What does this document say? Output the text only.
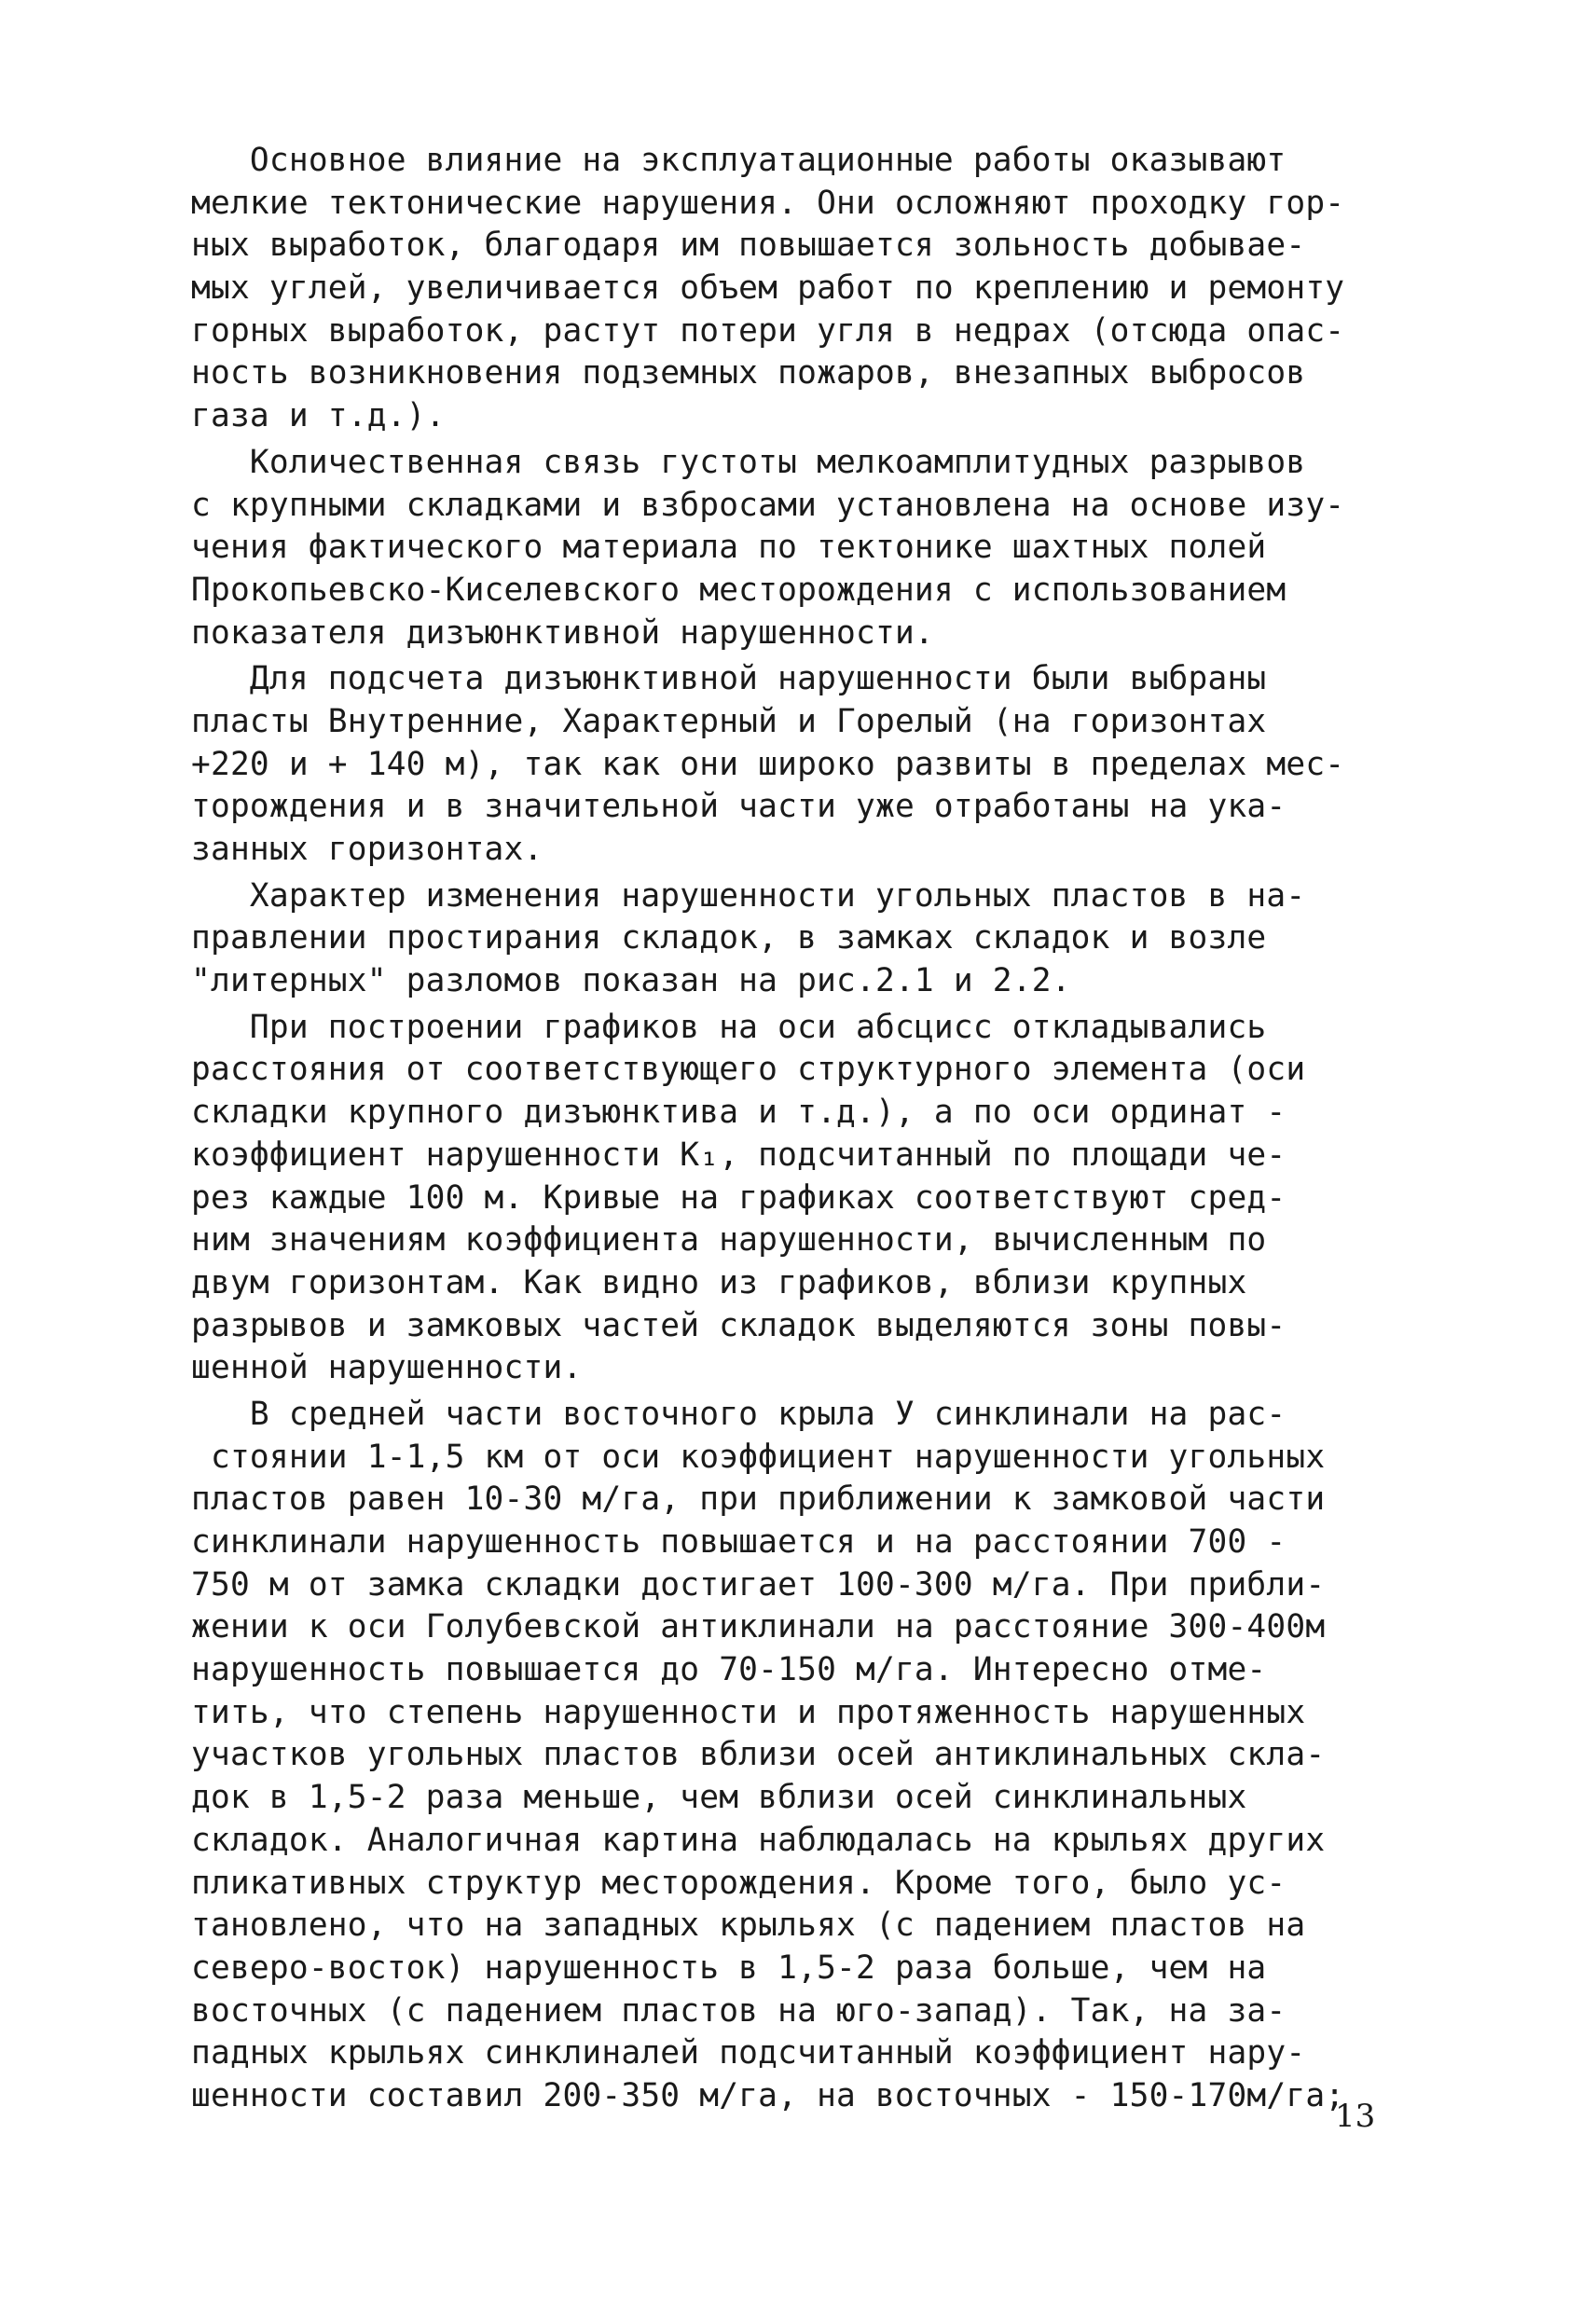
Основное влияние на эксплуатационные работы оказывают
мелкие тектонические нарушения. Они осложняют проходку гор-
ных выработок, благодаря им повышается зольность добывае-
мых углей, увеличивается объем работ по креплению и ремонту
горных выработок, растут потери угля в недрах (отсюда опас-
ность возникновения подземных пожаров, внезапных выбросов
газа и т.д.).
Количественная связь густоты мелкоамплитудных разрывов
с крупными складками и взбросами установлена на основе изу-
чения фактического материала по тектонике шахтных полей
Прокопьевско-Киселевского месторождения с использованием
показателя дизъюнктивной нарушенности.
Для подсчета дизъюнктивной нарушенности были выбраны
пласты Внутренние, Характерный и Горелый (на горизонтах
+220 и + 140 м), так как они широко развиты в пределах мес-
торождения и в значительной части уже отработаны на ука-
занных горизонтах.
Характер изменения нарушенности угольных пластов в на-
правлении простирания складок, в замках складок и возле
"литерных" разломов показан на рис.2.1 и 2.2.
При построении графиков на оси абсцисс откладывались
расстояния от соответствующего структурного элемента (оси
складки крупного дизъюнктива и т.д.), а по оси ординат -
коэффициент нарушенности К₁, подсчитанный по площади че-
рез каждые 100 м. Кривые на графиках соответствуют сред-
ним значениям коэффициента нарушенности, вычисленным по
двум горизонтам. Как видно из графиков, вблизи крупных
разрывов и замковых частей складок выделяются зоны повы-
шенной нарушенности.
В средней части восточного крыла У синклинали на рас-
стоянии 1-1,5 км от оси коэффициент нарушенности угольных
пластов равен 10-30 м/га, при приближении к замковой части
синклинали нарушенность повышается и на расстоянии 700 -
750 м от замка складки достигает 100-300 м/га. При прибли-
жении к оси Голубевской антиклинали на расстояние 300-400м
нарушенность повышается до 70-150 м/га. Интересно отме-
тить, что степень нарушенности и протяженность нарушенных
участков угольных пластов вблизи осей антиклинальных скла-
док в 1,5-2 раза меньше, чем вблизи осей синклинальных
складок. Аналогичная картина наблюдалась на крыльях других
пликативных структур месторождения. Кроме того, было ус-
тановлено, что на западных крыльях (с падением пластов на
северо-восток) нарушенность в 1,5-2 раза больше, чем на
восточных (с падением пластов на юго-запад). Так, на за-
падных крыльях синклиналей подсчитанный коэффициент нару-
шенности составил 200-350 м/га, на восточных - 150-170м/га;
13
